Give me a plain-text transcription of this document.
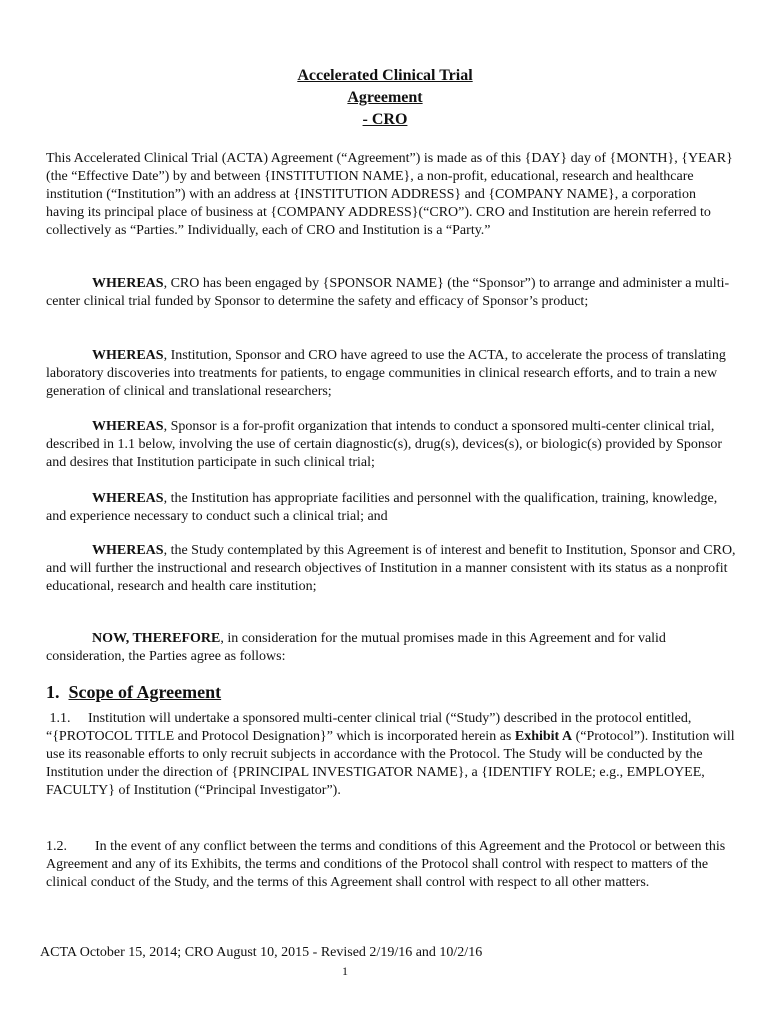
Accelerated Clinical Trial
Agreement
- CRO
This Accelerated Clinical Trial (ACTA) Agreement (“Agreement”) is made as of this {DAY} day of {MONTH}, {YEAR} (the “Effective Date”) by and between {INSTITUTION NAME}, a non-profit, educational, research and healthcare institution (“Institution”) with an address at {INSTITUTION ADDRESS} and {COMPANY NAME}, a corporation having its principal place of business at {COMPANY ADDRESS}(“CRO”). CRO and Institution are herein referred to collectively as “Parties.” Individually, each of CRO and Institution is a “Party.”
WHEREAS, CRO has been engaged by {SPONSOR NAME} (the “Sponsor”) to arrange and administer a multi-center clinical trial funded by Sponsor to determine the safety and efficacy of Sponsor’s product;
WHEREAS, Institution, Sponsor and CRO have agreed to use the ACTA, to accelerate the process of translating laboratory discoveries into treatments for patients, to engage communities in clinical research efforts, and to train a new generation of clinical and translational researchers;
WHEREAS, Sponsor is a for-profit organization that intends to conduct a sponsored multi-center clinical trial, described in 1.1 below, involving the use of certain diagnostic(s), drug(s), devices(s), or biologic(s) provided by Sponsor and desires that Institution participate in such clinical trial;
WHEREAS, the Institution has appropriate facilities and personnel with the qualification, training, knowledge, and experience necessary to conduct such a clinical trial; and
WHEREAS, the Study contemplated by this Agreement is of interest and benefit to Institution, Sponsor and CRO, and will further the instructional and research objectives of Institution in a manner consistent with its status as a nonprofit educational, research and health care institution;
NOW, THEREFORE, in consideration for the mutual promises made in this Agreement and for valid consideration, the Parties agree as follows:
1. Scope of Agreement
1.1. Institution will undertake a sponsored multi-center clinical trial (“Study”) described in the protocol entitled, “{PROTOCOL TITLE and Protocol Designation}” which is incorporated herein as Exhibit A (“Protocol”). Institution will use its reasonable efforts to only recruit subjects in accordance with the Protocol. The Study will be conducted by the Institution under the direction of {PRINCIPAL INVESTIGATOR NAME}, a {IDENTIFY ROLE; e.g., EMPLOYEE, FACULTY} of Institution (“Principal Investigator”).
1.2. In the event of any conflict between the terms and conditions of this Agreement and the Protocol or between this Agreement and any of its Exhibits, the terms and conditions of the Protocol shall control with respect to matters of the clinical conduct of the Study, and the terms of this Agreement shall control with respect to all other matters.
ACTA October 15, 2014; CRO August 10, 2015 - Revised 2/19/16 and 10/2/16
1
